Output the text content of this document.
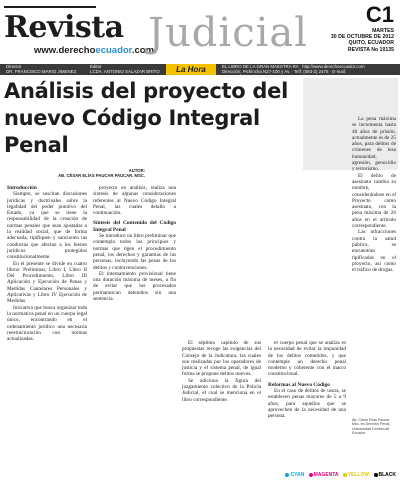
Revista
www.derechoecuador.com
Judicial	C1
MARTES
30 DE OCTUBRE DE 2012
QUITO, ECUADOR
REVISTA No 10135
Director
DR. FRANCISCO MARIO JIMENEZ
Editor
LCDA. ANTONIO SALAZAR BRITO	La Hora	EL LIBRO DE LA GRAN MAESTRA RA http://www.derechoecuador.com
Dirección: Pichincha N27-100 y Av. · Telf: (593-2) 2475 · E-mail: contacto@derechoecuador.com
Análisis del proyecto del nuevo Código Integral Penal
AUTOR:
AB. CÉSAR ELÍAS PAUCAR PAUCAR. MSC.
Introducción

Siempre, se suscitan discusiones jurídicas y doctrinales sobre la legalidad del poder punitivo del Estado, ya que se tiene la responsabilidad de la creación de normas penales que sean ajustadas a la realidad social, que de forma adecuada, tipifiquen y sancionen las conductas que afectan a los bienes jurídicos protegidos constitucionalmente.

En el presente se divide en cuatro libros: Preliminar, Libro I, Libro II Del Procedimiento, Libro III Aplicación y Ejecución de Penas y Medidas Cautelares Personales y Aplicativas y Libro IV Ejecución de Medidas.

Iniciativa que busca organizar toda la normativa penal en un cuerpo legal único, encontrando en el ordenamiento jurídico una necesaria reestructuración con normas actualizadas.

proyecto en análisis, realiza una síntesis de algunas consideraciones referentes al Nuevo Código Integral Penal, las cuales detallo a continuación.

Síntesis del Contenido del Código Integral Penal

Se introduce un libro preliminar que contempla todos los principios y normas que rigen el procedimiento penal, los derechos y garantías de las personas, incluyendo las penas de los delitos y contravenciones.

El internamiento provisional tiene una duración máxima de meses, a fin de evitar que los procesados permanezcan detenidos sin una sentencia.

El séptimo capítulo de sus propuestas recoge las exigencias del Consejo de la Judicatura, las cuales son realizadas por los operadores de justicia y el sistema penal, de igual forma se propone delitos nuevos.

Se adiciona la figura del juzgamiento colectivo de la Policía Judicial, el cual se menciona en el libro correspondiente.

el cuerpo penal que se analiza es la necesidad de evitar la impunidad de los delitos cometidos, y que contemple un derecho penal moderno y coherente con el marco constitucional.

Reformas al Nuevo Código

En el caso de delitos de usura, se establecen penas mayores de 5 a 9 años, para aquellos que se aprovechen de la necesidad de una persona.

La pena máxima se incrementa hasta 40 años de prisión, actualmente es de 25 años, para delitos de crímenes de lesa humanidad, agresión, genocidio y terrorismo.

El delito de asesinato cambia su nombre, considerándose en el Proyecto como asesinato, con la pena máxima de 26 años en el artículo correspondiente.

Las infracciones contra la salud pública, se encuentran tipificadas en el proyecto, así como el tráfico de drogas.

Ab. César Elías Paucar
Msc. en Derecho Penal, Universidad Central del Ecuador
CYAN MAGENTA YELLOW BLACK
